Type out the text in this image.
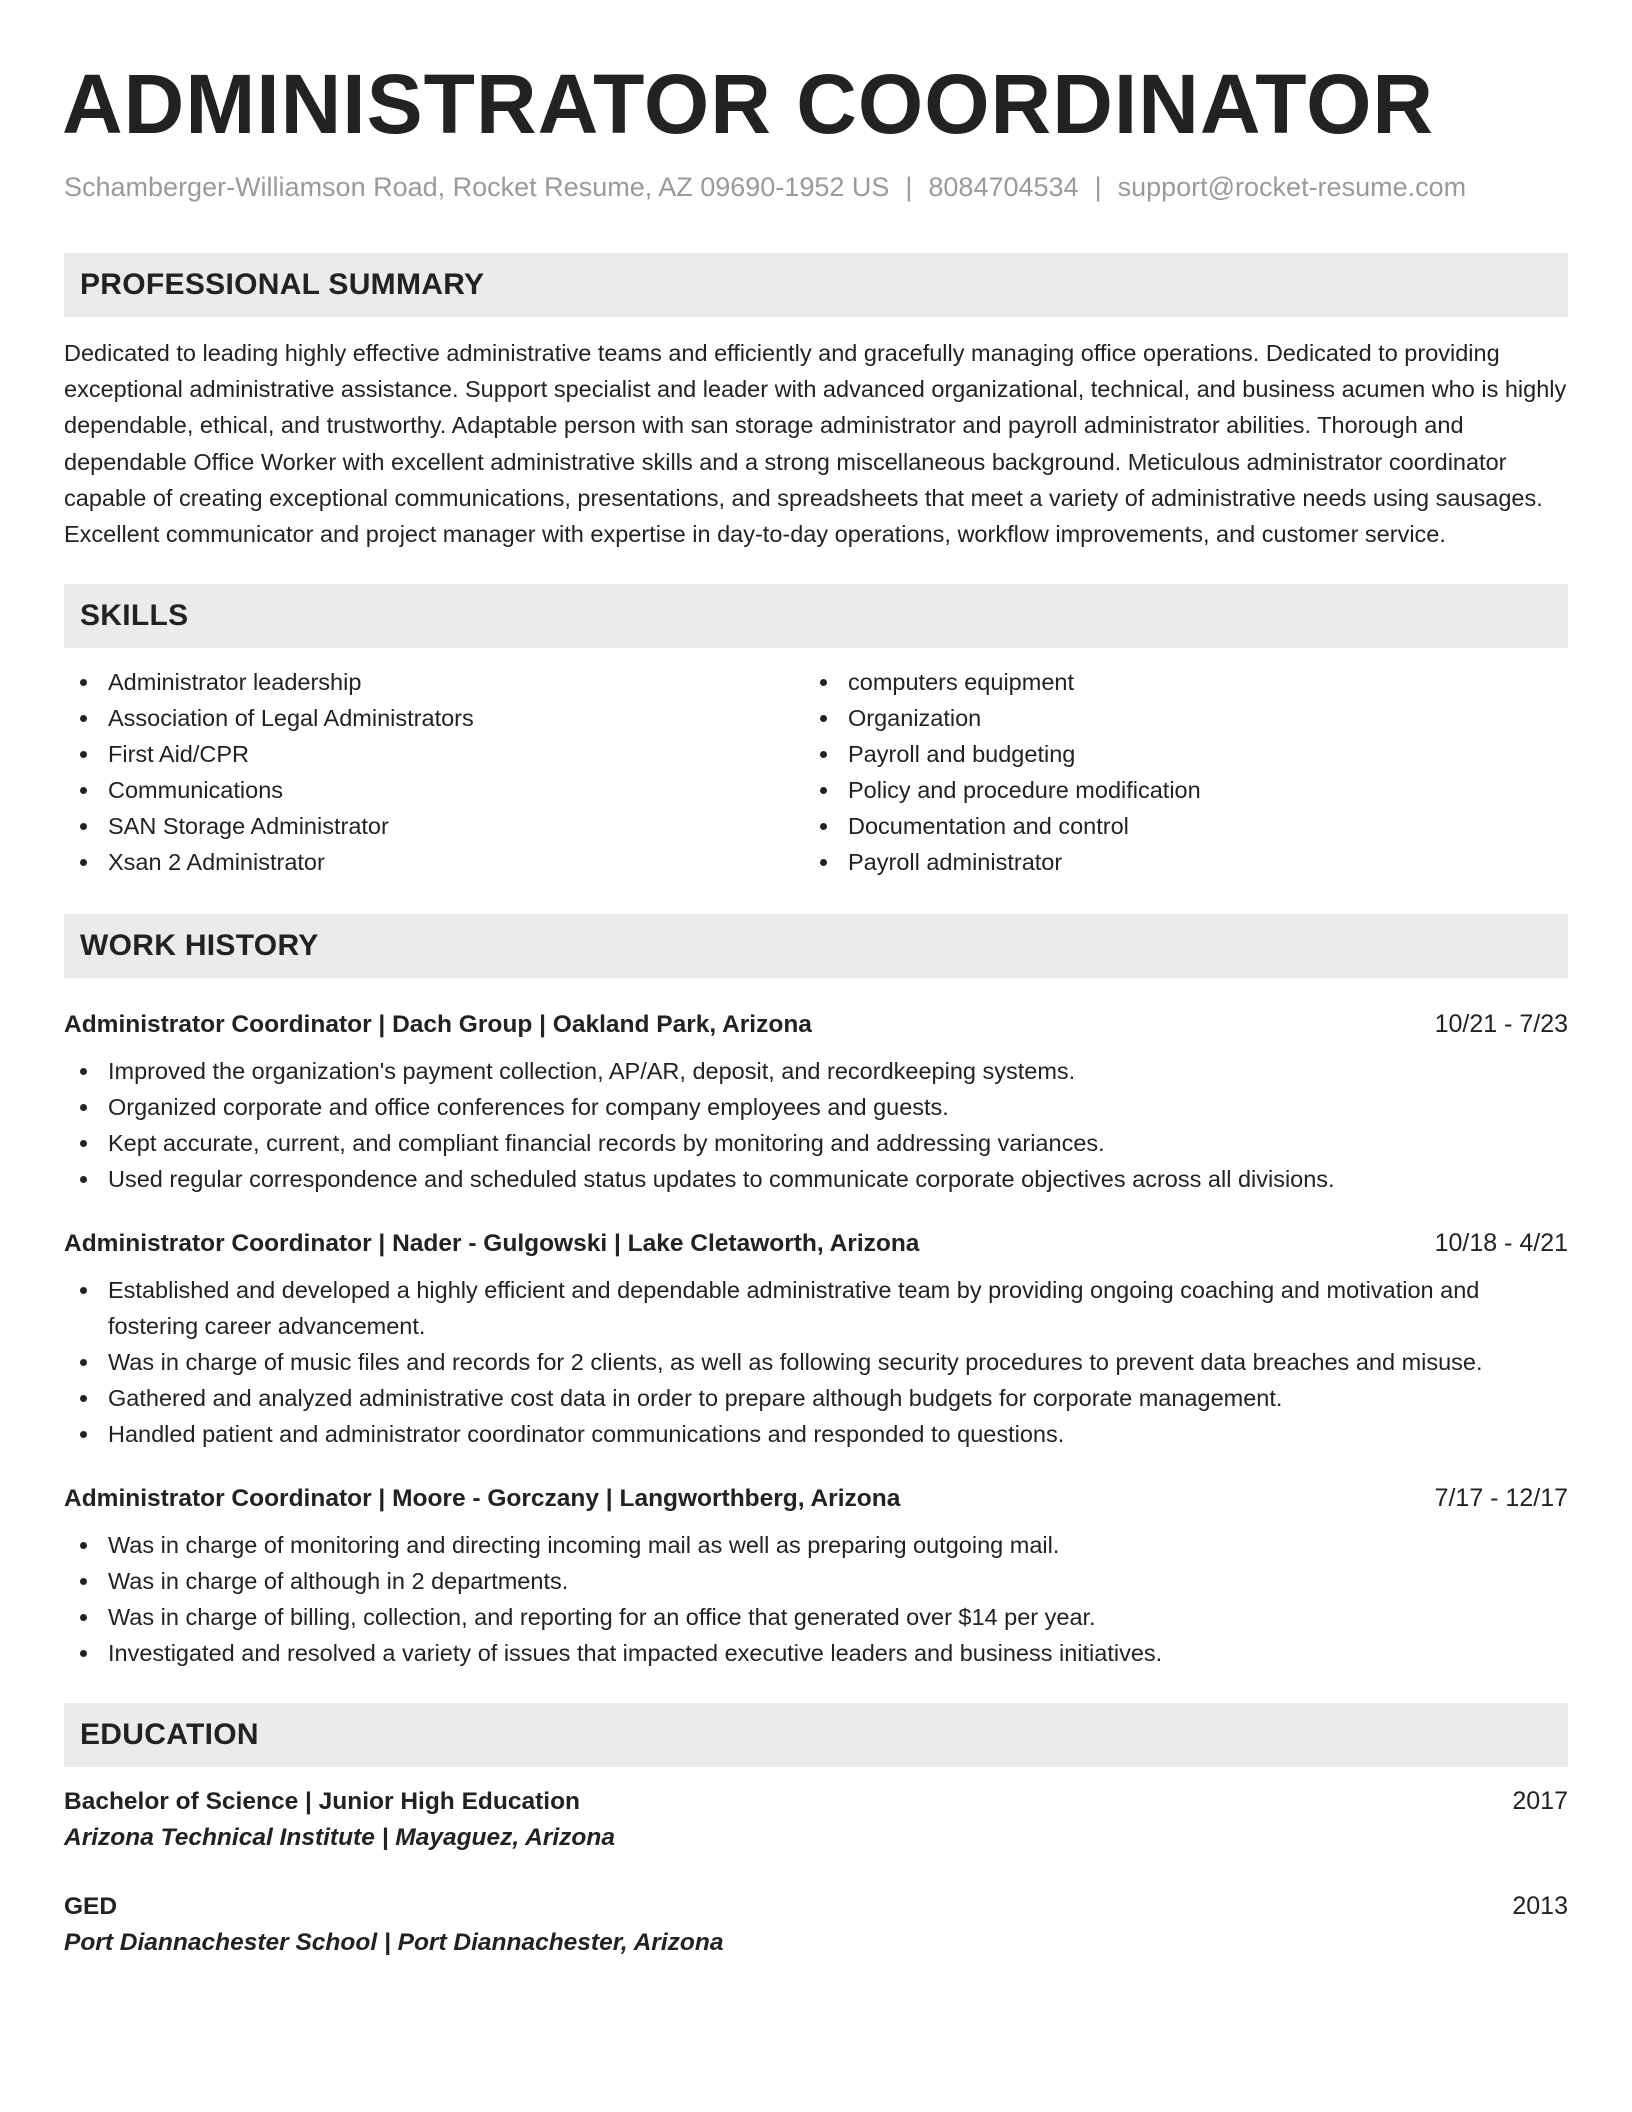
ADMINISTRATOR COORDINATOR
Schamberger-Williamson Road, Rocket Resume, AZ 09690-1952 US | 8084704534 | support@rocket-resume.com
PROFESSIONAL SUMMARY
Dedicated to leading highly effective administrative teams and efficiently and gracefully managing office operations. Dedicated to providing exceptional administrative assistance. Support specialist and leader with advanced organizational, technical, and business acumen who is highly dependable, ethical, and trustworthy. Adaptable person with san storage administrator and payroll administrator abilities. Thorough and dependable Office Worker with excellent administrative skills and a strong miscellaneous background. Meticulous administrator coordinator capable of creating exceptional communications, presentations, and spreadsheets that meet a variety of administrative needs using sausages. Excellent communicator and project manager with expertise in day-to-day operations, workflow improvements, and customer service.
SKILLS
Administrator leadership
Association of Legal Administrators
First Aid/CPR
Communications
SAN Storage Administrator
Xsan 2 Administrator
computers equipment
Organization
Payroll and budgeting
Policy and procedure modification
Documentation and control
Payroll administrator
WORK HISTORY
Administrator Coordinator | Dach Group | Oakland Park, Arizona	10/21 - 7/23
Improved the organization's payment collection, AP/AR, deposit, and recordkeeping systems.
Organized corporate and office conferences for company employees and guests.
Kept accurate, current, and compliant financial records by monitoring and addressing variances.
Used regular correspondence and scheduled status updates to communicate corporate objectives across all divisions.
Administrator Coordinator | Nader - Gulgowski | Lake Cletaworth, Arizona	10/18 - 4/21
Established and developed a highly efficient and dependable administrative team by providing ongoing coaching and motivation and fostering career advancement.
Was in charge of music files and records for 2 clients, as well as following security procedures to prevent data breaches and misuse.
Gathered and analyzed administrative cost data in order to prepare although budgets for corporate management.
Handled patient and administrator coordinator communications and responded to questions.
Administrator Coordinator | Moore - Gorczany | Langworthberg, Arizona	7/17 - 12/17
Was in charge of monitoring and directing incoming mail as well as preparing outgoing mail.
Was in charge of although in 2 departments.
Was in charge of billing, collection, and reporting for an office that generated over $14 per year.
Investigated and resolved a variety of issues that impacted executive leaders and business initiatives.
EDUCATION
Bachelor of Science | Junior High Education	2017
Arizona Technical Institute | Mayaguez, Arizona
GED	2013
Port Diannachester School | Port Diannachester, Arizona
